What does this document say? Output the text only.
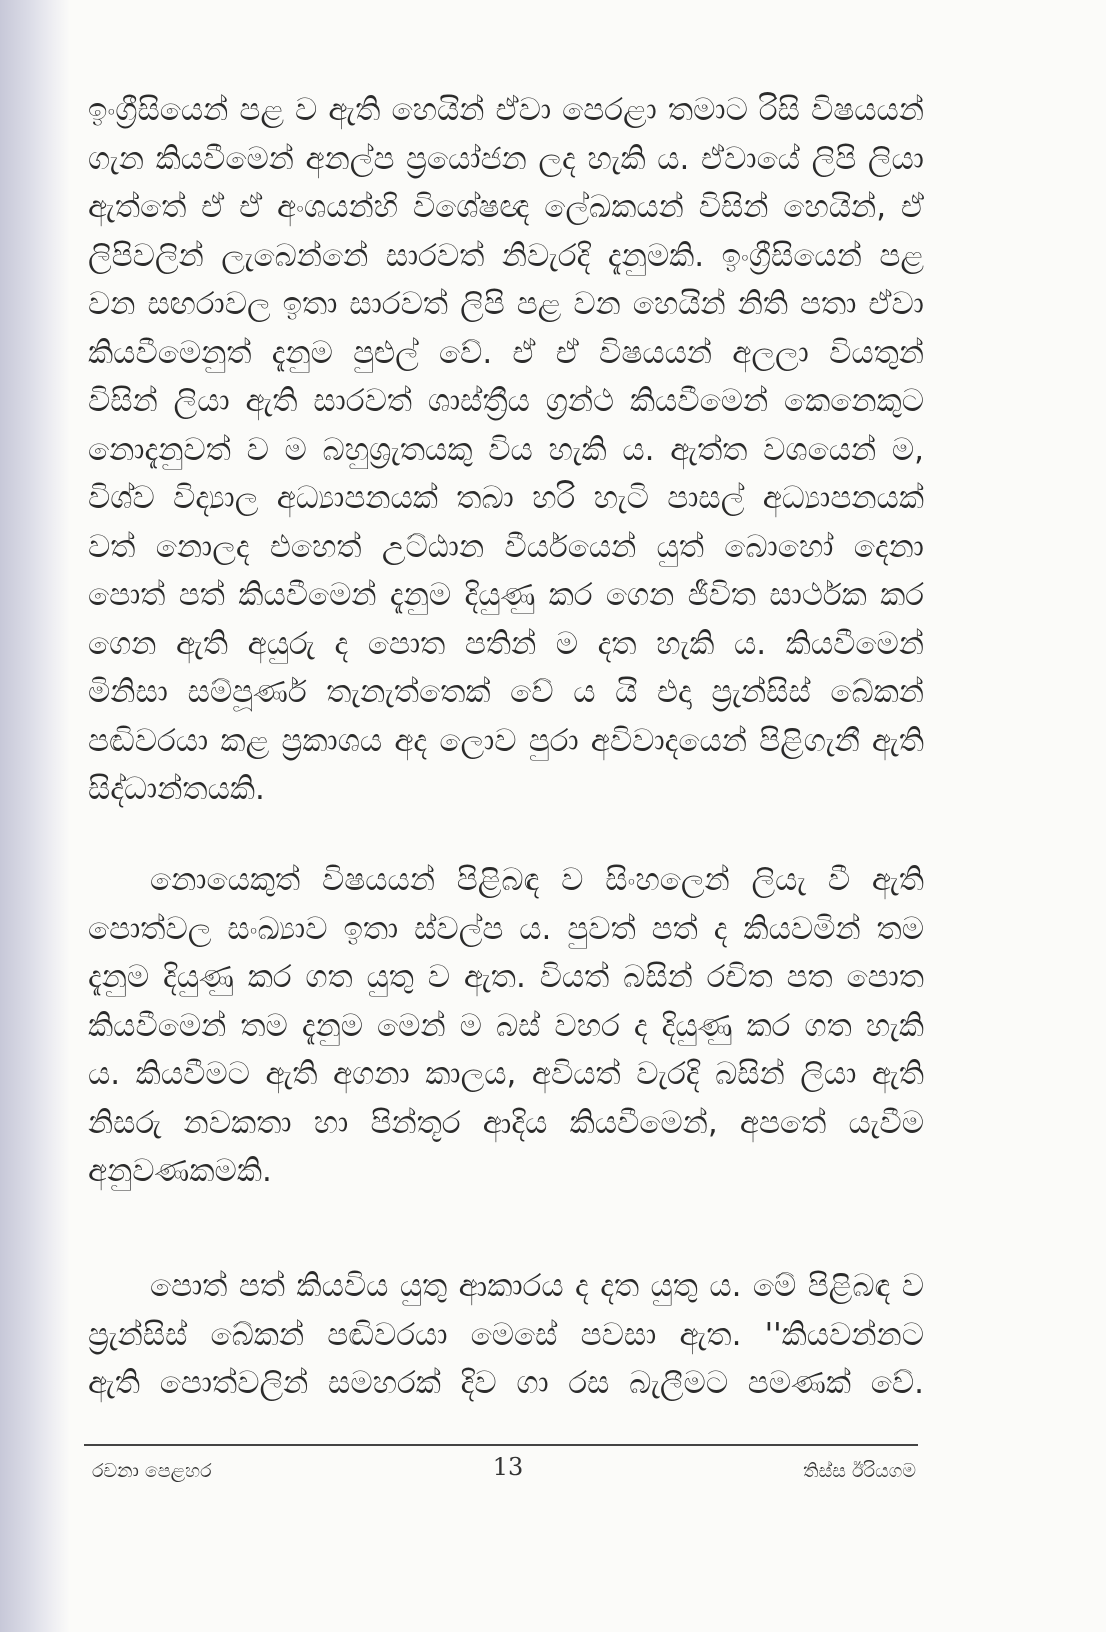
ඉංග්‍රීසියෙන් පළ ව ඇති හෙයින් ඒවා පෙරළා තමාට රිසි විෂයයන්
ගැන කියවීමෙන් අනල්ප ප්‍රයෝජන ලද හැකි ය. ඒවායේ ලිපි ලියා
ඇත්තේ ඒ ඒ අංශයන්හි විශේෂඥ ලේඛකයන් විසින් හෙයින්, ඒ
ලිපිවලින් ලැබෙන්නේ සාරවත් නිවැරදි දැනුමකි. ඉංග්‍රීසියෙන් පළ
වන සඟරාවල ඉතා සාරවත් ලිපි පළ වන හෙයින් නිති පතා ඒවා
කියවීමෙනුත් දැනුම පුළුල් වේ. ඒ ඒ විෂයයන් අලලා වියතුන්
විසින් ලියා ඇති සාරවත් ශාස්ත්‍රීය ග්‍රන්ථ කියවීමෙන් කෙනෙකුට
නොදැනුවත් ව ම බහුශ්‍රැතයකු විය හැකි ය. ඇත්ත වශයෙන් ම,
විශ්ව විද්‍යාල අධ්‍යාපනයක් තබා හරි හැටි පාසල් අධ්‍යාපනයක්
වත් නොලද එහෙත් උට්ඨාන වීර්යයෙන් යුත් බොහෝ දෙනා
පොත් පත් කියවීමෙන් දැනුම දියුණු කර ගෙන ජීවිත සාර්ථක කර
ගෙන ඇති අයුරු ද පොත පතින් ම දත හැකි ය. කියවීමෙන්
මිනිසා සම්පූර්ණ තැනැත්තෙක් වේ ය යි එදා ප්‍රැන්සිස් බේකන්
පඬිවරයා කළ ප්‍රකාශය අද ලොව පුරා අවිවාදයෙන් පිළිගැනී ඇති
සිද්ධාන්තයකි.
නොයෙකුත් විෂයයන් පිළිබඳ ව සිංහලෙන් ලියැ වී ඇති
පොත්වල සංඛ්‍යාව ඉතා ස්වල්ප ය. පුවත් පත් ද කියවමින් තම
දැනුම දියුණු කර ගත යුතු ව ඇත. වියත් බසින් රචිත පත පොත
කියවීමෙන් තම දැනුම මෙන් ම බස් වහර ද දියුණු කර ගත හැකි
ය. කියවීමට ඇති අගනා කාලය, අවියත් වැරදි බසින් ලියා ඇති
නිසරු නවකතා හා පින්තූර ආදිය කියවීමෙන්, අපතේ යැවීම
අනුවණකමකි.
පොත් පත් කියවිය යුතු ආකාරය ද දත යුතු ය. මේ පිළිබඳ ව
ප්‍රැන්සිස් බේකන් පඬිවරයා මෙසේ පවසා ඇත. ''කියවන්නට
ඇති පොත්වලින් සමහරක් දිව ගා රස බැලීමට පමණක් වේ.
රචනා පෙළහර	13	තිස්ස ඊරියගම
